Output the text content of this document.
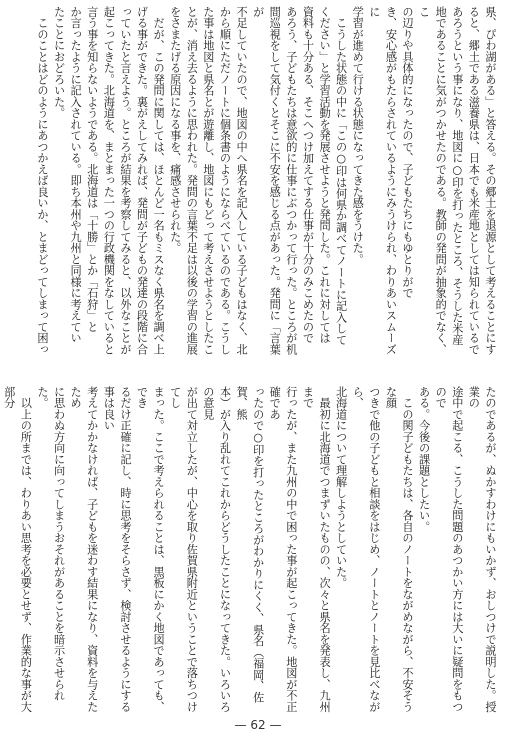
県、ぴわ湖がある」と答える。その郷土を退源として考えることにす
ると、郷土である滋養県は、日本でも米産地としては知られているで
あろうという事になり、地図に○印を打ったところ、そうした米産
地であることに気がつかせたのである。教師の発問が抽象的でなく、こ
の辺りや具体的になったので、子どもたちにもゆとりがで
き、安心感がもたらされているようにみうけられ、わりあいスムーズに
学習が進めて行ける状態になってきた感をうけた。
　こうした状態の中に「この○印は何県か調べてノートに記入して
ください」と学習活動を発展させようと発問した。これに対しては
資料も十分ある、そこへつけ加えてする仕事が十分のみこめたので
あろう、子どもたちは意欲的に仕事にぶつかって行った。ところが机
間巡視をして気付くとそこに不安を感じる点があった。発問に「言葉が
不足していたので、地図の中へ県名を記入している子どもはなく、北
から順にただノートに個条書のようにならべているのである。こうし
た事は地図と県名とが遊離し、地図にもどって考えさせようとしたこ
とが、消え去るように思われた。発問の言葉不足は以後の学習の進展
をさまたげる原因になる事を、痛感させられた。
　だが、この発問に関しては、ほとんど一名もミスなく県名を調べ上
げる事ができた。裏がえしてみれば、発問が子どもの発達の段階に合
っていたと言えよう。ところが結果を考察してみると、以外なことが
起こってきた。北海道を、まとまった一つの行政機関をなしていると
言う事を知らないようである。北海道は「十勝」とか「石狩」と
か言ったように記入されている。即ち本州や九州と同様に考えてい
たことにおどろいた。
　このことはどのようにあつかえば良いか、とまどってしまって困っ
たのであるが、ぬかすわけにもいかず、おしつけで説明した。授業の
途中で起こる、こうした問題のあつかい方には大いに疑問をもつので
ある。今後の課題としたい。
　この関子どもたちは、各自のノートをながめながら、不安そうな顔
つきで他の子どもと相談をはじめ、ノートとノートを見比べながら、
北海道について理解しようとしていた。
　最初に北海道でつまずいたものの、次々と県名を発表し、九州まで
行ったが、また九州の中で困った事が起こってきた。地図が不正確であ
ったので○印を打ったところがわかりにくく、県名（福岡、佐賀、熊
本）が入り乱れてこれからどうしたことになってきた。いろいろの意見
が出て対立したが、中心を取り佐賀県附近ということで落ちつけてし
まった。ここで考えられることは、黒板にかく地図であっても、でき
るだけ正確に記し、時に思考をそらさず、検討させるようにする事は良い
考えてかかなければ、子どもを迷わす結果になり、資料を与えたため
に思わぬ方向に向ってしまうおそれがあることを暗示させられた。
　以上の所までは、わりあい思考を必要とせず、作業的な事が大部分
— 62 —
